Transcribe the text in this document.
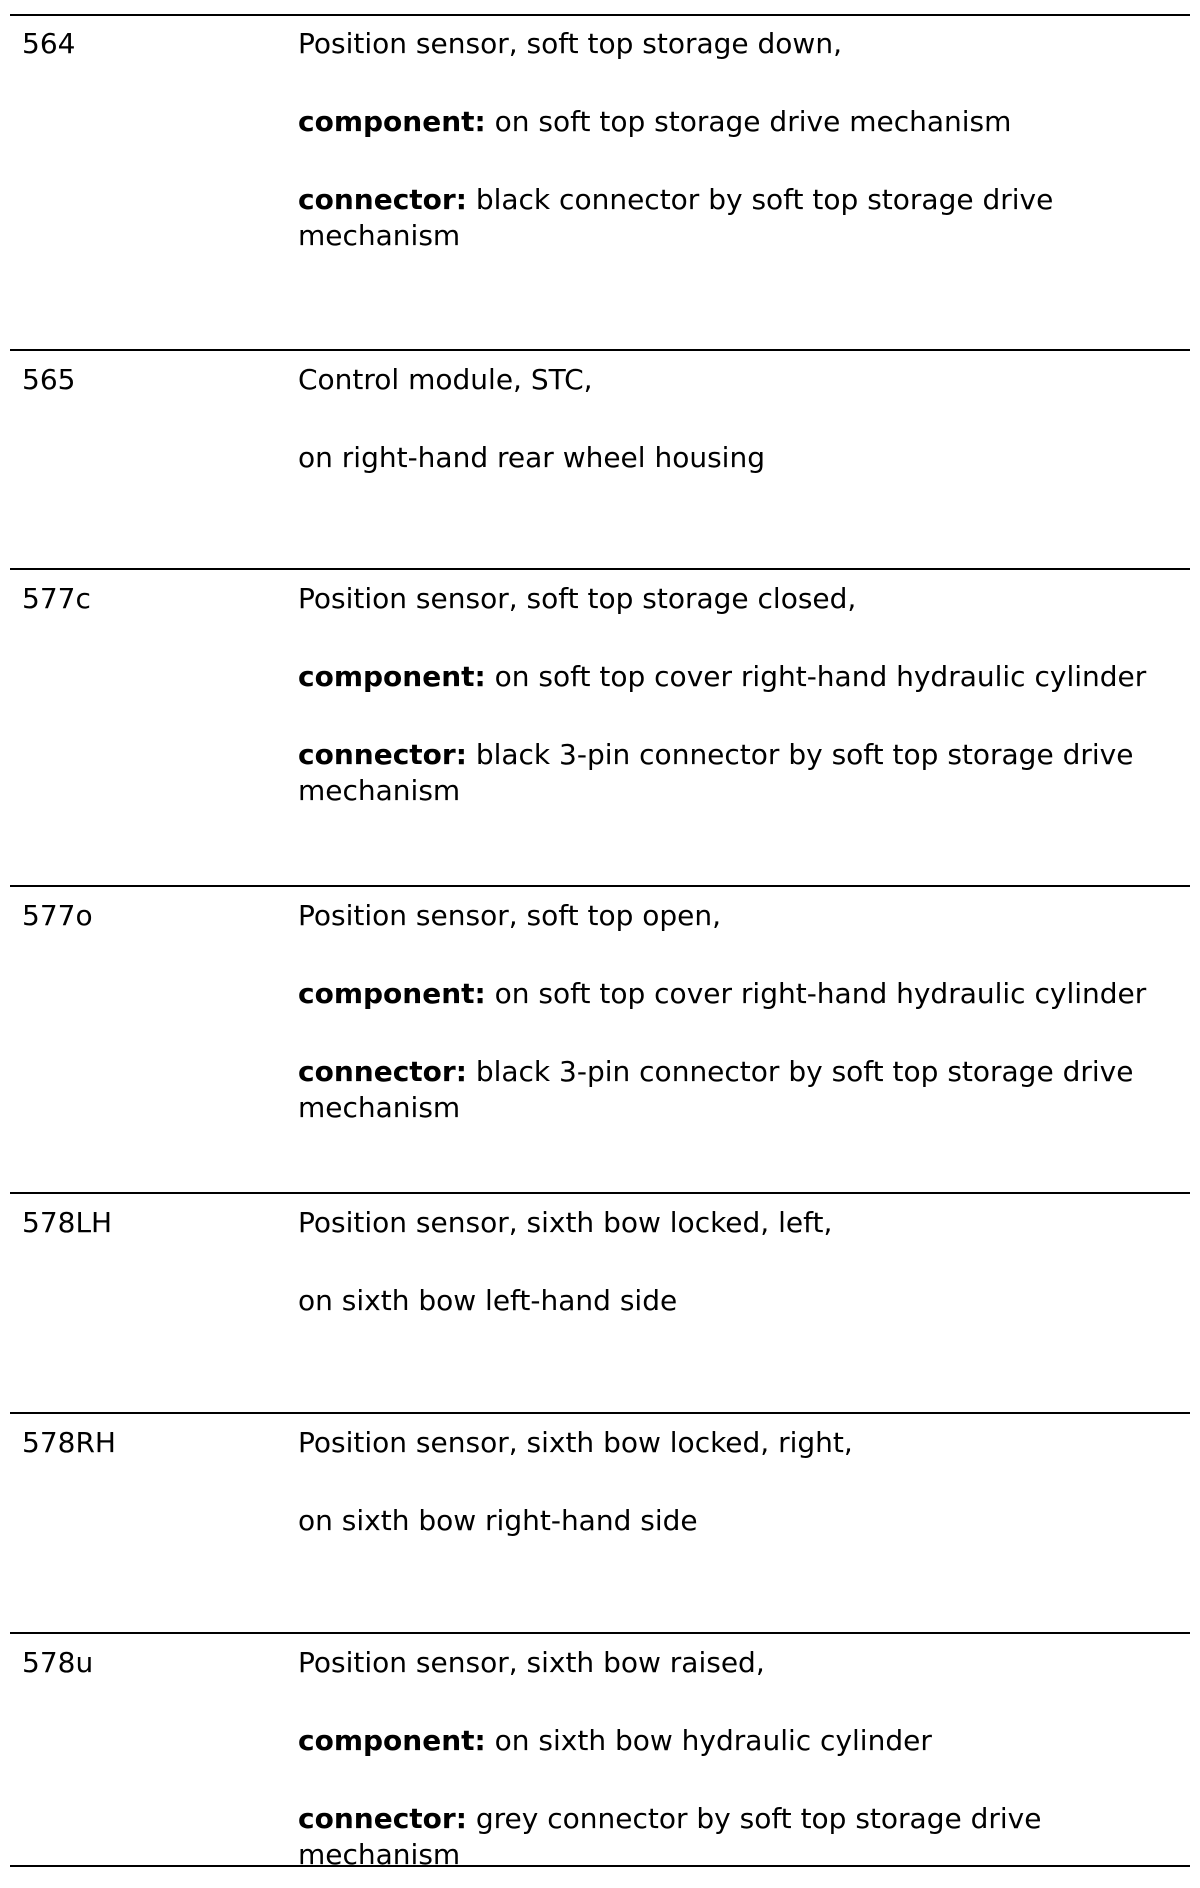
564	Position sensor, soft top storage down,

component: on soft top storage drive mechanism

connector: black connector by soft top storage drive mechanism

565	Control module, STC,

on right-hand rear wheel housing

577c	Position sensor, soft top storage closed,

component: on soft top cover right-hand hydraulic cylinder

connector: black 3-pin connector by soft top storage drive mechanism

577o	Position sensor, soft top open,

component: on soft top cover right-hand hydraulic cylinder

connector: black 3-pin connector by soft top storage drive mechanism

578LH	Position sensor, sixth bow locked, left,

on sixth bow left-hand side

578RH	Position sensor, sixth bow locked, right,

on sixth bow right-hand side

578u	Position sensor, sixth bow raised,

component: on sixth bow hydraulic cylinder

connector: grey connector by soft top storage drive mechanism
